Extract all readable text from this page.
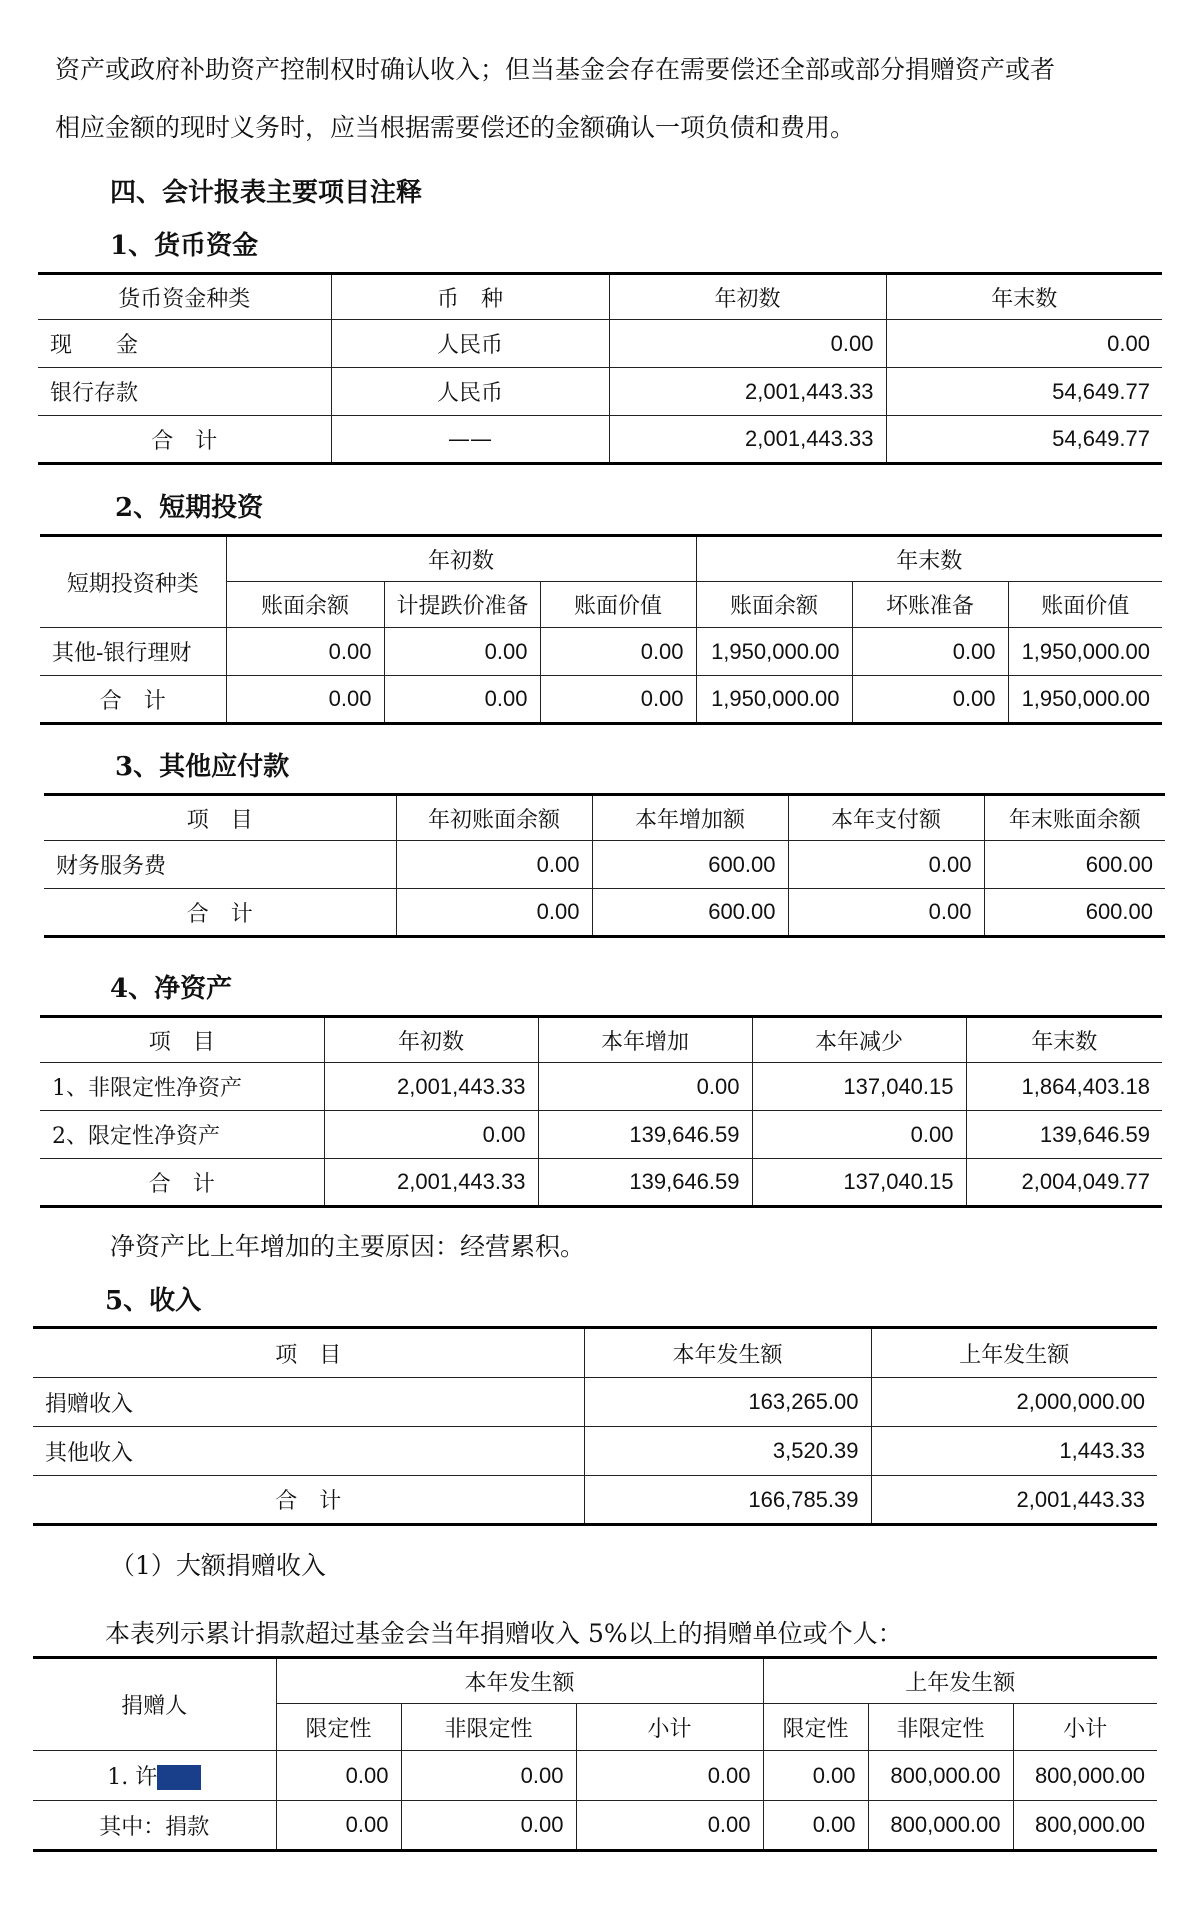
资产或政府补助资产控制权时确认收入；但当基金会存在需要偿还全部或部分捐赠资产或者
相应金额的现时义务时，应当根据需要偿还的金额确认一项负债和费用。
四、会计报表主要项目注释
1、货币资金
货币资金种类	币　种	年初数	年末数
现　　金	人民币	0.00	0.00
银行存款	人民币	2,001,443.33	54,649.77
合　计	——	2,001,443.33	54,649.77
2、短期投资
短期投资种类	年初数			年末数		
	账面余额	计提跌价准备	账面价值	账面余额	坏账准备	账面价值
其他-银行理财	0.00	0.00	0.00	1,950,000.00	0.00	1,950,000.00
合　计	0.00	0.00	0.00	1,950,000.00	0.00	1,950,000.00
3、其他应付款
项　目	年初账面余额	本年增加额	本年支付额	年末账面余额
财务服务费	0.00	600.00	0.00	600.00
合　计	0.00	600.00	0.00	600.00
4、净资产
项　目	年初数	本年增加	本年减少	年末数
1、非限定性净资产	2,001,443.33	0.00	137,040.15	1,864,403.18
2、限定性净资产	0.00	139,646.59	0.00	139,646.59
合　计	2,001,443.33	139,646.59	137,040.15	2,004,049.77
净资产比上年增加的主要原因：经营累积。
5、收入
项　目	本年发生额	上年发生额
捐赠收入	163,265.00	2,000,000.00
其他收入	3,520.39	1,443.33
合　计	166,785.39	2,001,443.33
（1）大额捐赠收入
本表列示累计捐款超过基金会当年捐赠收入 5%以上的捐赠单位或个人：
捐赠人	本年发生额			上年发生额		
	限定性	非限定性	小计	限定性	非限定性	小计
1. 许某某	0.00	0.00	0.00	0.00	800,000.00	800,000.00
其中：捐款	0.00	0.00	0.00	0.00	800,000.00	800,000.00
